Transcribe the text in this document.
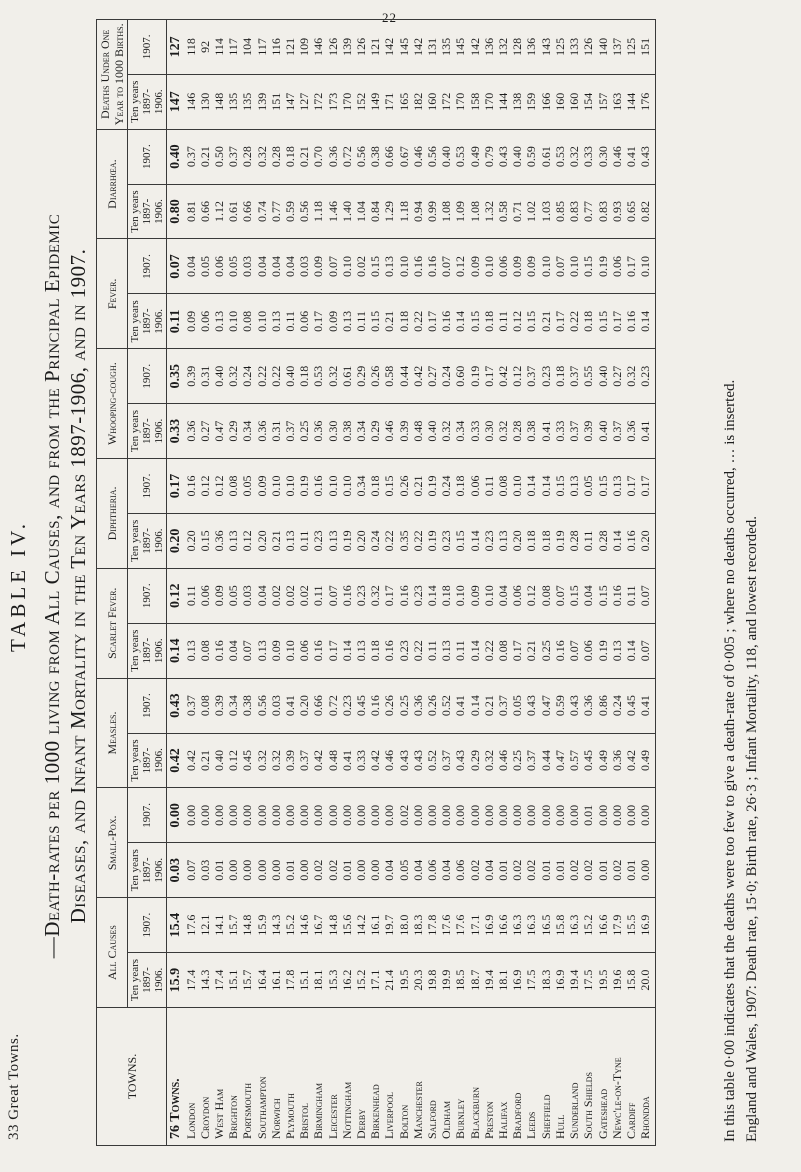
22
33 Great Towns.
TABLE IV. —Death-rates per 1000 living from All Causes, and from the Principal Epidemic Diseases, and Infant Mortality in the Ten Years 1897-1906, and in 1907.
TOWNS.	All Causes		Small-Pox.		Measles.		Scarlet Fever.		Diphtheria.		Whooping-cough.		Fever.		Diarrhœa.		Deaths Under One Year to 1000 Births.	
	Ten years 1897-1906.	1907.	Ten years 1897-1906.	1907.	Ten years 1897-1906.	1907.	Ten years 1897-1906.	1907.	Ten years 1897-1906.	1907.	Ten years 1897-1906.	1907.	Ten years 1897-1906.	1907.	Ten years 1897-1906.	1907.	Ten years 1897-1906.	1907.
76 Towns.	15.9	15.4	0.03	0.00	0.42	0.43	0.14	0.12	0.20	0.17	0.33	0.35	0.11	0.07	0.80	0.40	147	127
London	17.4	17.6	0.07	0.00	0.42	0.37	0.13	0.11	0.20	0.16	0.36	0.39	0.09	0.04	0.81	0.37	146	118
Croydon	14.3	12.1	0.03	0.00	0.21	0.08	0.08	0.06	0.15	0.12	0.27	0.31	0.06	0.05	0.66	0.21	130	92
West Ham	17.4	14.1	0.01	0.00	0.40	0.39	0.16	0.09	0.36	0.12	0.47	0.40	0.13	0.06	1.12	0.50	148	114
Brighton	15.1	15.7	0.00	0.00	0.12	0.34	0.04	0.05	0.13	0.08	0.29	0.32	0.10	0.05	0.61	0.37	135	117
Portsmouth	15.7	14.8	0.00	0.00	0.45	0.38	0.07	0.03	0.12	0.05	0.34	0.24	0.08	0.03	0.66	0.28	135	104
Southampton	16.4	15.9	0.00	0.00	0.32	0.56	0.13	0.04	0.20	0.09	0.36	0.22	0.10	0.04	0.74	0.32	139	117
Norwich	16.1	14.3	0.00	0.00	0.32	0.03	0.09	0.02	0.21	0.10	0.31	0.22	0.13	0.04	0.77	0.28	151	116
Plymouth	17.8	15.2	0.01	0.00	0.39	0.41	0.10	0.02	0.13	0.10	0.37	0.40	0.11	0.04	0.59	0.18	147	121
Bristol	15.1	14.6	0.00	0.00	0.37	0.20	0.06	0.02	0.11	0.19	0.25	0.18	0.06	0.03	0.56	0.21	127	109
Birmingham	18.1	16.7	0.02	0.00	0.42	0.66	0.16	0.11	0.23	0.16	0.36	0.53	0.17	0.09	1.18	0.70	172	146
Leicester	15.3	14.8	0.02	0.00	0.48	0.72	0.17	0.07	0.13	0.10	0.30	0.32	0.09	0.07	1.46	0.36	173	126
Nottingham	16.2	15.6	0.01	0.00	0.41	0.23	0.14	0.16	0.19	0.10	0.38	0.61	0.13	0.10	1.40	0.72	170	139
Derby	15.2	14.2	0.00	0.00	0.33	0.45	0.13	0.23	0.20	0.34	0.34	0.29	0.11	0.02	1.04	0.56	152	126
Birkenhead	17.1	16.1	0.00	0.00	0.42	0.16	0.18	0.32	0.24	0.18	0.29	0.26	0.15	0.15	0.84	0.38	149	121
Liverpool	21.4	19.7	0.04	0.00	0.46	0.26	0.16	0.17	0.22	0.15	0.46	0.58	0.21	0.13	1.29	0.66	171	142
Bolton	19.5	18.0	0.05	0.02	0.43	0.25	0.23	0.16	0.35	0.26	0.39	0.44	0.18	0.10	1.18	0.67	165	145
Manchester	20.3	18.3	0.04	0.00	0.43	0.36	0.22	0.23	0.22	0.21	0.48	0.42	0.22	0.16	0.94	0.46	182	142
Salford	19.8	17.8	0.06	0.00	0.52	0.26	0.11	0.14	0.19	0.19	0.40	0.27	0.17	0.16	0.99	0.56	160	131
Oldham	19.9	17.6	0.04	0.00	0.37	0.52	0.13	0.18	0.23	0.24	0.32	0.24	0.16	0.07	1.08	0.40	172	135
Burnley	18.5	17.6	0.06	0.00	0.43	0.41	0.11	0.10	0.15	0.18	0.34	0.60	0.14	0.12	1.09	0.53	170	145
Blackburn	18.7	17.1	0.02	0.00	0.29	0.14	0.14	0.09	0.14	0.06	0.33	0.19	0.15	0.09	1.08	0.49	158	142
Preston	19.4	16.9	0.04	0.00	0.32	0.21	0.22	0.10	0.23	0.11	0.30	0.17	0.18	0.10	1.32	0.79	170	136
Halifax	18.1	16.6	0.01	0.00	0.46	0.37	0.08	0.04	0.13	0.08	0.32	0.42	0.11	0.06	0.58	0.43	144	132
Bradford	16.9	16.3	0.02	0.00	0.25	0.05	0.17	0.06	0.20	0.10	0.28	0.12	0.12	0.09	0.71	0.40	138	128
Leeds	17.5	16.3	0.02	0.00	0.37	0.43	0.21	0.12	0.18	0.14	0.38	0.37	0.15	0.09	1.02	0.59	159	136
Sheffield	18.3	16.5	0.01	0.00	0.44	0.47	0.25	0.08	0.18	0.14	0.41	0.23	0.21	0.10	1.03	0.61	166	143
Hull	16.9	15.8	0.01	0.00	0.47	0.59	0.16	0.07	0.19	0.15	0.33	0.18	0.17	0.07	0.85	0.53	160	125
Sunderland	19.4	16.3	0.02	0.00	0.57	0.43	0.07	0.15	0.28	0.13	0.37	0.37	0.22	0.10	0.83	0.32	160	133
South Shields	17.5	15.2	0.02	0.01	0.45	0.36	0.06	0.04	0.11	0.05	0.39	0.55	0.18	0.15	0.77	0.33	154	126
Gateshead	19.5	16.6	0.01	0.00	0.49	0.86	0.19	0.15	0.28	0.15	0.40	0.40	0.15	0.19	0.83	0.30	157	140
Newc'le-on-Tyne	19.6	17.9	0.02	0.00	0.36	0.24	0.13	0.16	0.14	0.13	0.37	0.27	0.17	0.06	0.93	0.46	163	137
Cardiff	15.8	15.5	0.01	0.00	0.42	0.45	0.14	0.11	0.16	0.17	0.36	0.32	0.16	0.17	0.65	0.41	144	125
Rhondda	20.0	16.9	0.00	0.00	0.49	0.41	0.07	0.07	0.20	0.17	0.41	0.23	0.14	0.10	0.82	0.43	176	151
In this table 0·00 indicates that the deaths were too few to give a death-rate of 0·005 ; where no deaths occurred, … is inserted. England and Wales, 1907: Death rate, 15·0; Birth rate, 26·3 ; Infant Mortality, 118, and lowest recorded.
